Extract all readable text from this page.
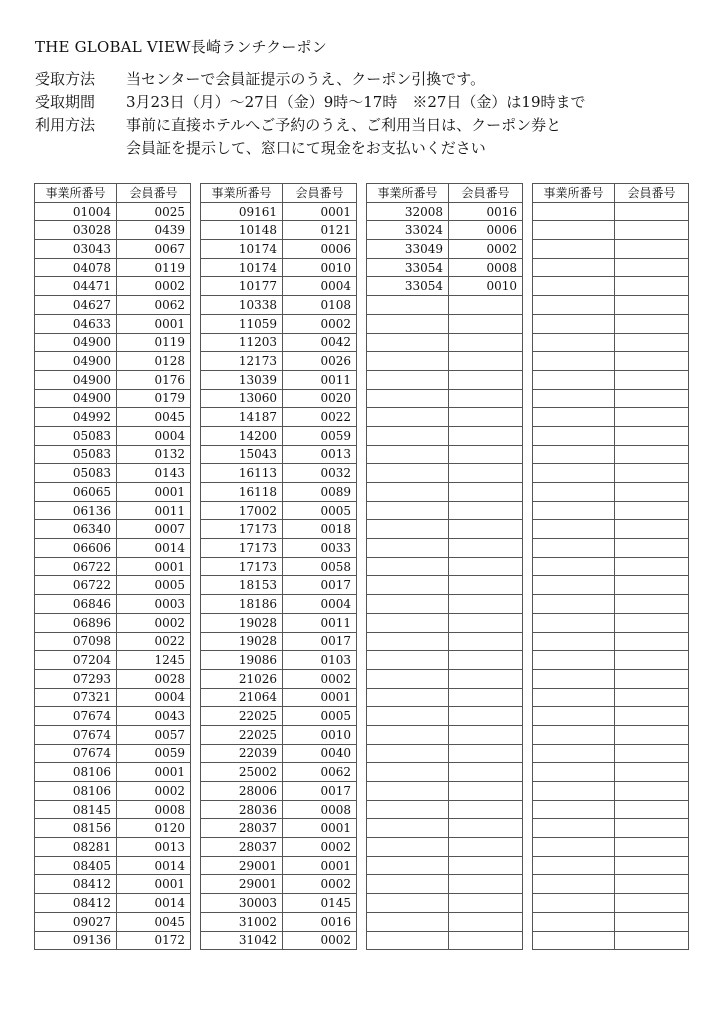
THE GLOBAL VIEW長崎ランチクーポン
受取方法	当センターで会員証提示のうえ、クーポン引換です。
受取期間	3月23日（月）～27日（金）9時～17時　※27日（金）は19時まで
利用方法	事前に直接ホテルへご予約のうえ、ご利用当日は、クーポン券と
会員証を提示して、窓口にて現金をお支払いください
事業所番号	会員番号
01004	0025
03028	0439
03043	0067
04078	0119
04471	0002
04627	0062
04633	0001
04900	0119
04900	0128
04900	0176
04900	0179
04992	0045
05083	0004
05083	0132
05083	0143
06065	0001
06136	0011
06340	0007
06606	0014
06722	0001
06722	0005
06846	0003
06896	0002
07098	0022
07204	1245
07293	0028
07321	0004
07674	0043
07674	0057
07674	0059
08106	0001
08106	0002
08145	0008
08156	0120
08281	0013
08405	0014
08412	0001
08412	0014
09027	0045
09136	0172
事業所番号	会員番号
09161	0001
10148	0121
10174	0006
10174	0010
10177	0004
10338	0108
11059	0002
11203	0042
12173	0026
13039	0011
13060	0020
14187	0022
14200	0059
15043	0013
16113	0032
16118	0089
17002	0005
17173	0018
17173	0033
17173	0058
18153	0017
18186	0004
19028	0011
19028	0017
19086	0103
21026	0002
21064	0001
22025	0005
22025	0010
22039	0040
25002	0062
28006	0017
28036	0008
28037	0001
28037	0002
29001	0001
29001	0002
30003	0145
31002	0016
31042	0002
事業所番号	会員番号
32008	0016
33024	0006
33049	0002
33054	0008
33054	0010

事業所番号	会員番号
